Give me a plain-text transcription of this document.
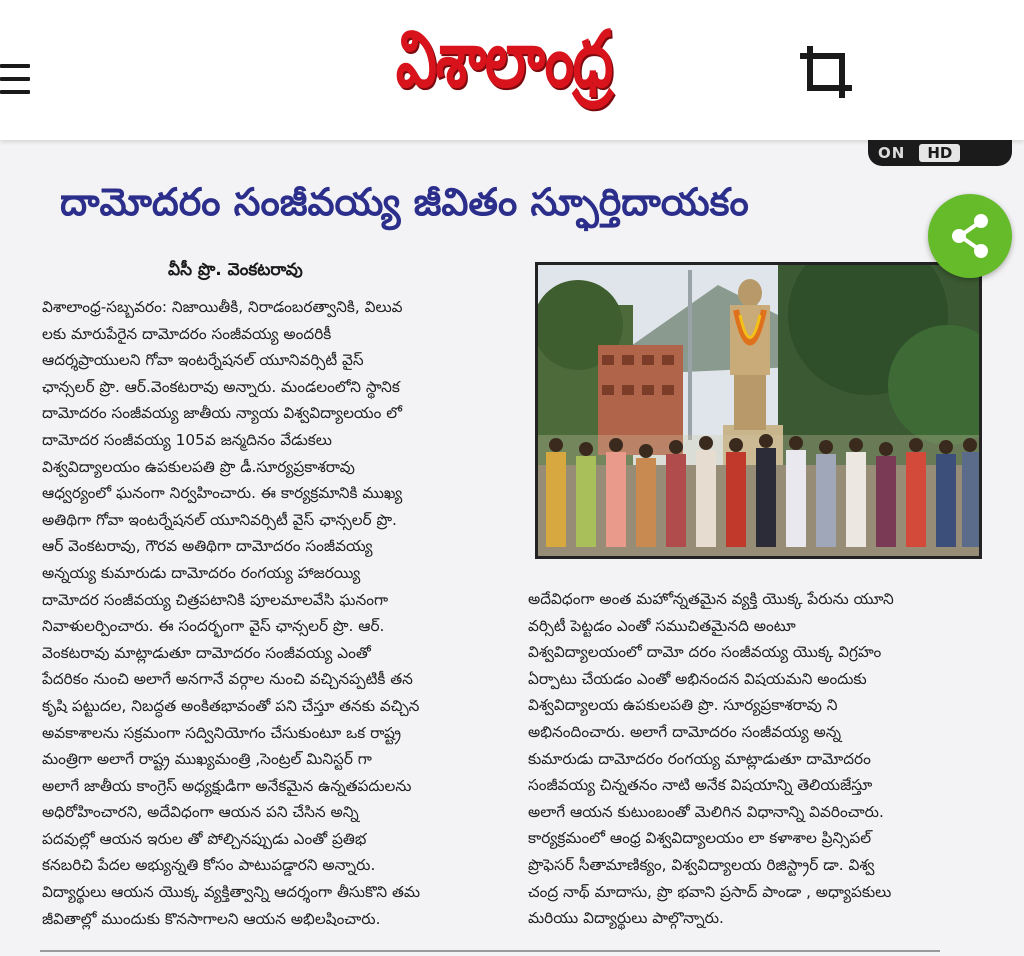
విశాలాంధ్ర
ON	HD
దామోదరం సంజీవయ్య జీవితం స్ఫూర్తిదాయకం
వీసీ ప్రొ. వెంకటరావు
విశాలాంధ్ర-సబ్బవరం: నిజాయితీకి, నిరాడంబరత్వానికి, విలువ
లకు మారుపేరైన దామోదరం సంజీవయ్య అందరికీ
ఆదర్శప్రాయులని గోవా ఇంటర్నేషనల్ యూనివర్సిటీ వైస్
ఛాన్సలర్ ప్రొ. ఆర్.వెంకటరావు అన్నారు. మండలంలోని స్థానిక
దామోదరం సంజీవయ్య జాతీయ న్యాయ విశ్వవిద్యాలయం లో
దామోదర సంజీవయ్య 105వ జన్మదినం వేడుకలు
విశ్వవిద్యాలయం ఉపకులపతి ప్రొ డీ.సూర్యప్రకాశరావు
ఆధ్వర్యంలో ఘనంగా నిర్వహించారు. ఈ కార్యక్రమానికి ముఖ్య
అతిథిగా గోవా ఇంటర్నేషనల్ యూనివర్సిటీ వైస్ ఛాన్సలర్ ప్రొ.
ఆర్ వెంకటరావు, గౌరవ అతిథిగా దామోదరం సంజీవయ్య
అన్నయ్య కుమారుడు దామోదరం రంగయ్య హాజరయ్యి
దామోదర సంజీవయ్య చిత్రపటానికి పూలమాలవేసి ఘనంగా
నివాళులర్పించారు. ఈ సందర్భంగా వైస్ ఛాన్సలర్ ప్రొ. ఆర్.
వెంకటరావు మాట్లాడుతూ దామోదరం సంజీవయ్య ఎంతో
పేదరికం నుంచి అలాగే అనగానే వర్గాల నుంచి వచ్చినప్పటికీ తన
కృషి పట్టుదల, నిబద్ధత అంకితభావంతో పని చేస్తూ తనకు వచ్చిన
అవకాశాలను సక్రమంగా సద్వినియోగం చేసుకుంటూ ఒక రాష్ట్ర
మంత్రిగా అలాగే రాష్ట్ర ముఖ్యమంత్రి ,సెంట్రల్ మినిస్టర్ గా
అలాగే జాతీయ కాంగ్రెస్ అధ్యక్షుడిగా అనేకమైన ఉన్నతపదులను
అధిరోహించారని, అదేవిధంగా ఆయన పని చేసిన అన్ని
పదవుల్లో ఆయన ఇరుల తో పోల్చినప్పుడు ఎంతో ప్రతిభ
కనబరిచి పేదల అభ్యున్నతి కోసం పాటుపడ్డారని అన్నారు.
విద్యార్థులు ఆయన యొక్క వ్యక్తిత్వాన్ని ఆదర్శంగా తీసుకొని తమ
జీవితాల్లో ముందుకు కొనసాగాలని ఆయన అభిలషించారు.
అదేవిధంగా అంత మహోన్నతమైన వ్యక్తి యొక్క పేరును యూని
వర్సిటీ పెట్టడం ఎంతో సముచితమైనది అంటూ
విశ్వవిద్యాలయంలో దామో దరం సంజీవయ్య యొక్క విగ్రహం
ఏర్పాటు చేయడం ఎంతో అభినందన విషయమని అందుకు
విశ్వవిద్యాలయ ఉపకులపతి ప్రొ. సూర్యప్రకాశరావు ని
అభినందించారు. అలాగే దామోదరం సంజీవయ్య అన్న
కుమారుడు దామోదరం రంగయ్య మాట్లాడుతూ దామోదరం
సంజీవయ్య చిన్నతనం నాటి అనేక విషయాన్ని తెలియజేస్తూ
అలాగే ఆయన కుటుంబంతో మెలిగిన విధానాన్ని వివరించారు.
కార్యక్రమంలో ఆంధ్ర విశ్వవిద్యాలయం లా కళాశాల ప్రిన్సిపల్
ప్రొఫెసర్ సీతామాణిక్యం, విశ్వవిద్యాలయ రిజిస్ట్రార్ డా. విశ్వ
చంద్ర నాథ్ మాదాసు, ప్రొ భవాని ప్రసాద్ పాండా , అధ్యాపకులు
మరియు విద్యార్థులు పాల్గొన్నారు.
